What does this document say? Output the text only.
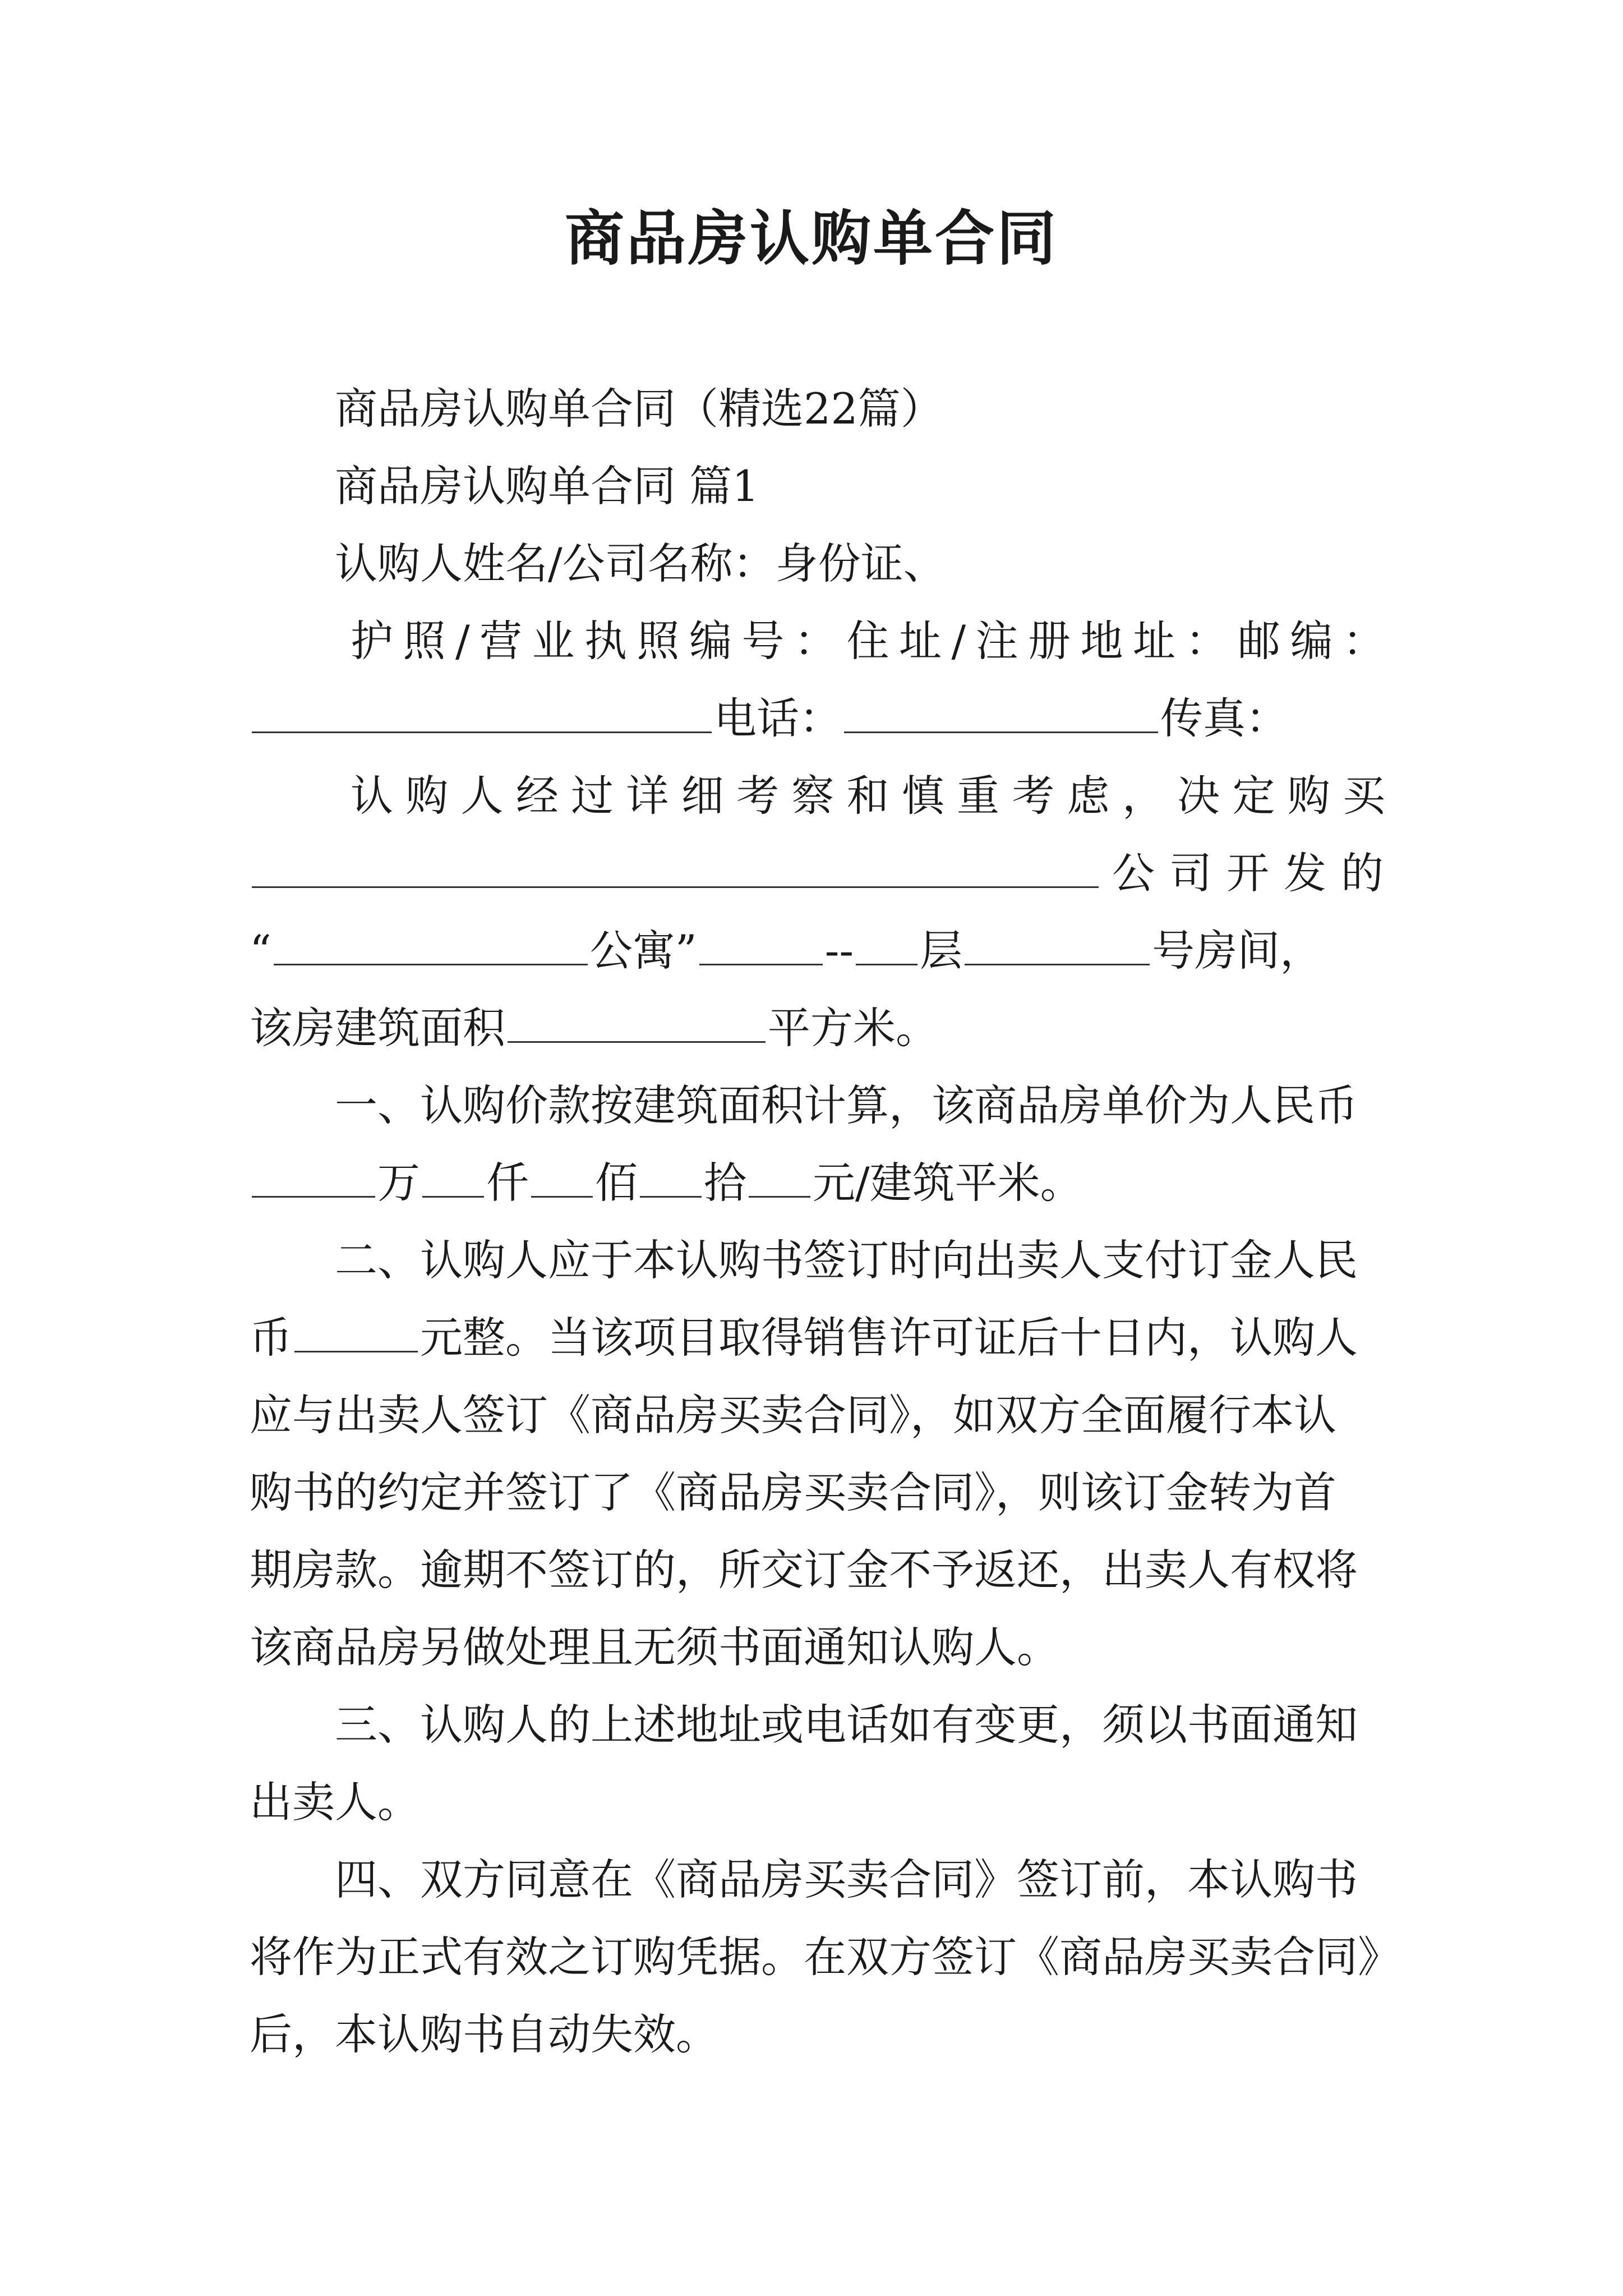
商品房认购单合同
商品房认购单合同（精选22篇）
商品房认购单合同 篇1
认购人姓名/公司名称：身份证、
护照/营业执照编号：住址/注册地址：邮编：
电话：	传真：
认购人经过详细考察和慎重考虑，决定购买
公司开发的
“	公寓”	-- 层	号房间，
该房建筑面积	平方米。
一、认购价款按建筑面积计算，该商品房单价为人民币
万 仟 佰 拾 元/建筑平米。
二、认购人应于本认购书签订时向出卖人支付订金人民
币	元整。当该项目取得销售许可证后十日内，认购人
应与出卖人签订《商品房买卖合同》，如双方全面履行本认
购书的约定并签订了《商品房买卖合同》，则该订金转为首
期房款。逾期不签订的，所交订金不予返还，出卖人有权将
该商品房另做处理且无须书面通知认购人。
三、认购人的上述地址或电话如有变更，须以书面通知
出卖人。
四、双方同意在《商品房买卖合同》签订前，本认购书
将作为正式有效之订购凭据。在双方签订《商品房买卖合同》
后，本认购书自动失效。
